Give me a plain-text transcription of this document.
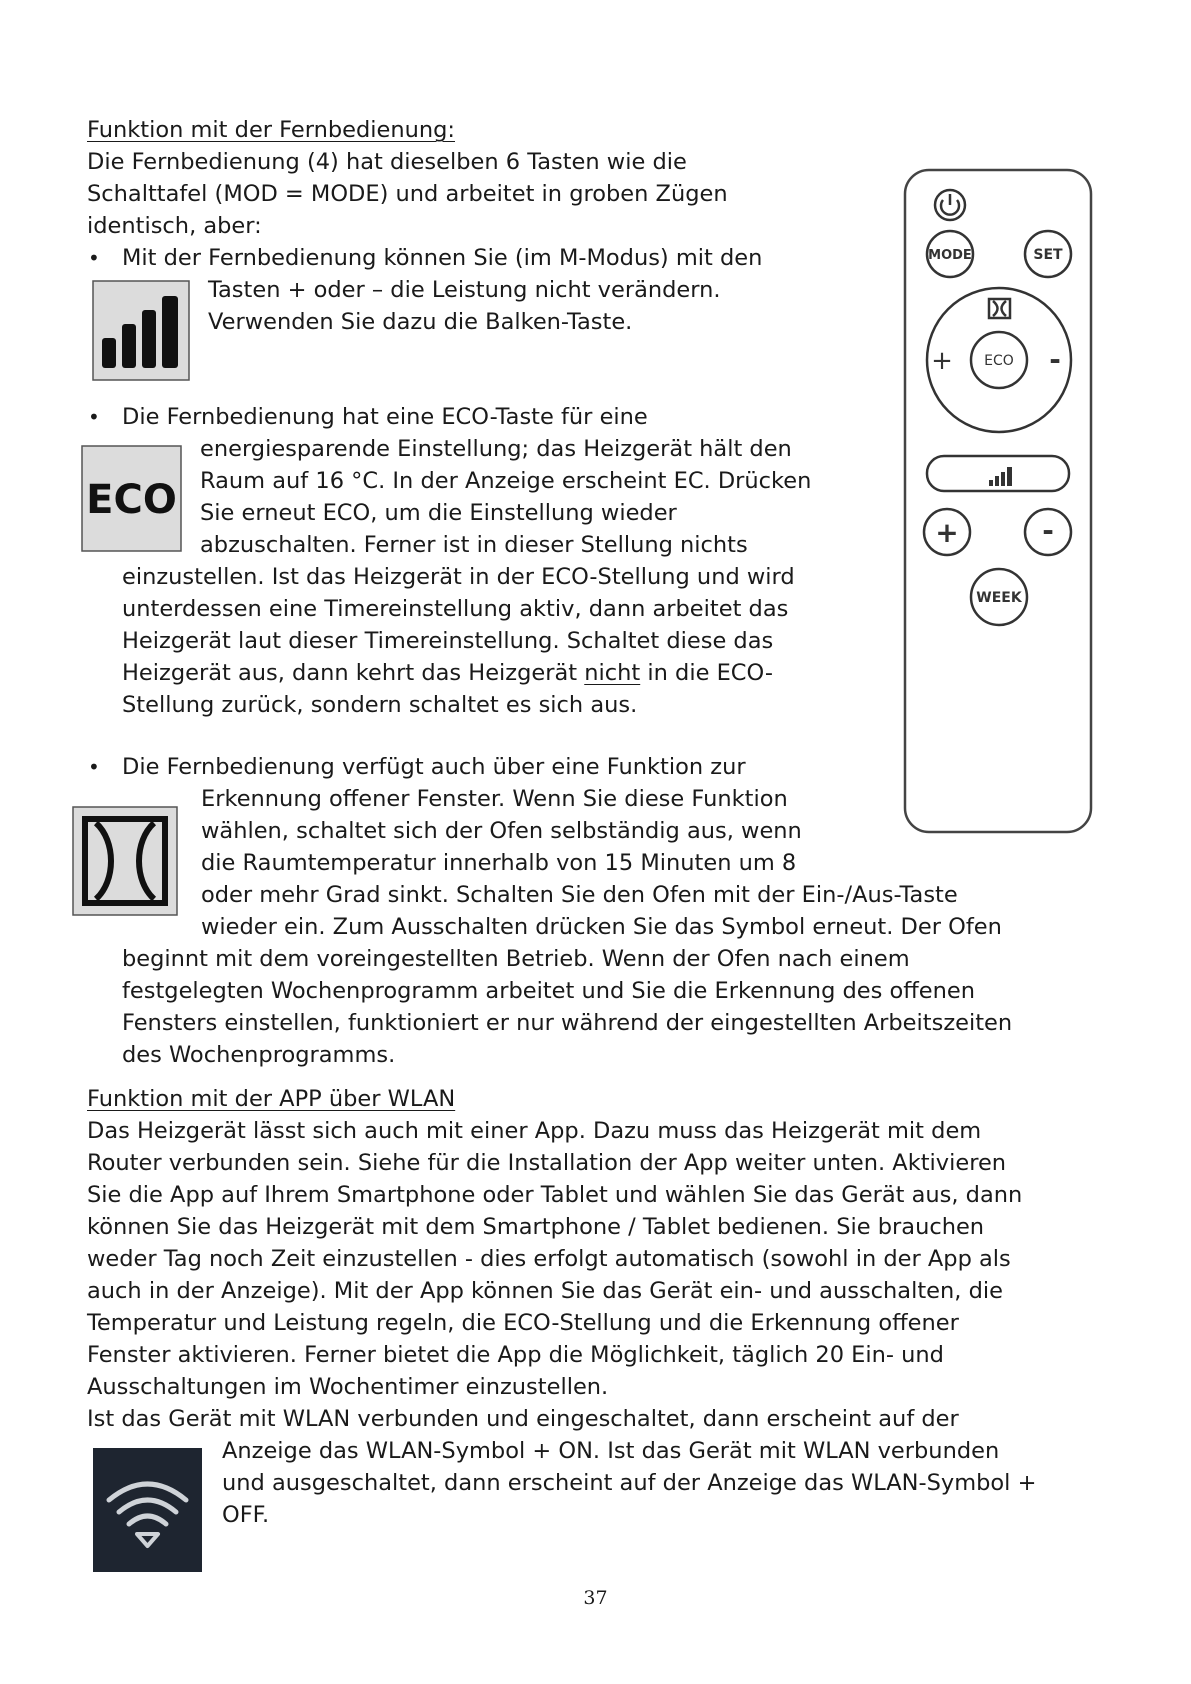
Funktion mit der Fernbedienung:
Die Fernbedienung (4) hat dieselben 6 Tasten wie die
Schalttafel (MOD = MODE) und arbeitet in groben Zügen
identisch, aber:
• Mit der Fernbedienung können Sie (im M-Modus) mit den
Tasten + oder – die Leistung nicht verändern.
Verwenden Sie dazu die Balken-Taste.
• Die Fernbedienung hat eine ECO-Taste für eine
energiesparende Einstellung; das Heizgerät hält den
Raum auf 16 °C. In der Anzeige erscheint EC. Drücken
Sie erneut ECO, um die Einstellung wieder
abzuschalten. Ferner ist in dieser Stellung nichts
einzustellen. Ist das Heizgerät in der ECO-Stellung und wird
unterdessen eine Timereinstellung aktiv, dann arbeitet das
Heizgerät laut dieser Timereinstellung. Schaltet diese das
Heizgerät aus, dann kehrt das Heizgerät nicht in die ECO-
Stellung zurück, sondern schaltet es sich aus.
ECO
• Die Fernbedienung verfügt auch über eine Funktion zur
Erkennung offener Fenster. Wenn Sie diese Funktion
wählen, schaltet sich der Ofen selbständig aus, wenn
die Raumtemperatur innerhalb von 15 Minuten um 8
oder mehr Grad sinkt. Schalten Sie den Ofen mit der Ein-/Aus-Taste
wieder ein. Zum Ausschalten drücken Sie das Symbol erneut. Der Ofen
beginnt mit dem voreingestellten Betrieb. Wenn der Ofen nach einem
festgelegten Wochenprogramm arbeitet und Sie die Erkennung des offenen
Fensters einstellen, funktioniert er nur während der eingestellten Arbeitszeiten
des Wochenprogramms.
Funktion mit der APP über WLAN
Das Heizgerät lässt sich auch mit einer App. Dazu muss das Heizgerät mit dem
Router verbunden sein. Siehe für die Installation der App weiter unten. Aktivieren
Sie die App auf Ihrem Smartphone oder Tablet und wählen Sie das Gerät aus, dann
können Sie das Heizgerät mit dem Smartphone / Tablet bedienen. Sie brauchen
weder Tag noch Zeit einzustellen - dies erfolgt automatisch (sowohl in der App als
auch in der Anzeige). Mit der App können Sie das Gerät ein- und ausschalten, die
Temperatur und Leistung regeln, die ECO-Stellung und die Erkennung offener
Fenster aktivieren. Ferner bietet die App die Möglichkeit, täglich 20 Ein- und
Ausschaltungen im Wochentimer einzustellen.
Ist das Gerät mit WLAN verbunden und eingeschaltet, dann erscheint auf der
Anzeige das WLAN-Symbol + ON. Ist das Gerät mit WLAN verbunden
und ausgeschaltet, dann erscheint auf der Anzeige das WLAN-Symbol +
OFF.
MODE	SET
ECO
+	-
+	-
WEEK
37
